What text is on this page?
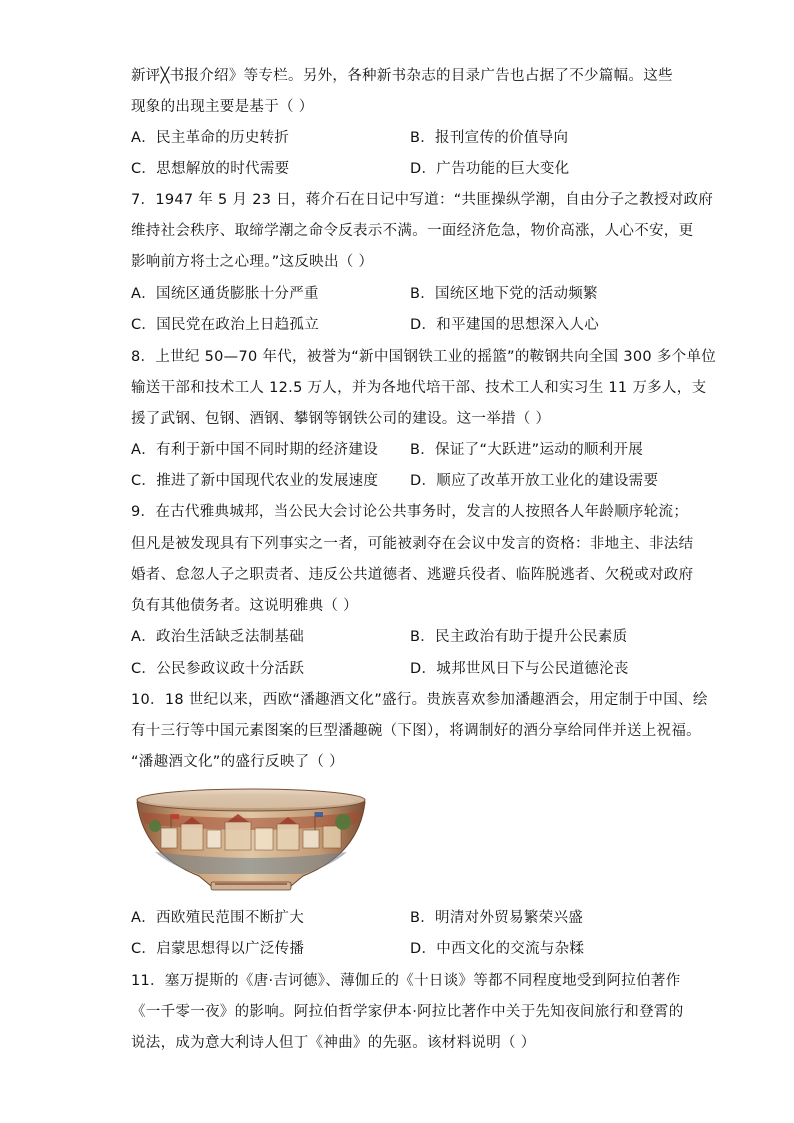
新评╳书报介绍》等专栏。另外，各种新书杂志的目录广告也占据了不少篇幅。这些
现象的出现主要是基于（ ）
A．民主革命的历史转折	B．报刊宣传的价值导向
C．思想解放的时代需要	D．广告功能的巨大变化
7．1947 年 5 月 23 日，蒋介石在日记中写道：“共匪操纵学潮，自由分子之教授对政府
维持社会秩序、取缔学潮之命令反表示不满。一面经济危急，物价高涨，人心不安，更
影响前方将士之心理。”这反映出（ ）
A．国统区通货膨胀十分严重	B．国统区地下党的活动频繁
C．国民党在政治上日趋孤立	D．和平建国的思想深入人心
8．上世纪 50—70 年代，被誉为“新中国钢铁工业的摇篮”的鞍钢共向全国 300 多个单位
输送干部和技术工人 12.5 万人，并为各地代培干部、技术工人和实习生 11 万多人，支
援了武钢、包钢、酒钢、攀钢等钢铁公司的建设。这一举措（ ）
A．有利于新中国不同时期的经济建设 B．保证了“大跃进”运动的顺利开展
C．推进了新中国现代农业的发展速度 D．顺应了改革开放工业化的建设需要
9．在古代雅典城邦，当公民大会讨论公共事务时，发言的人按照各人年龄顺序轮流；
但凡是被发现具有下列事实之一者，可能被剥夺在会议中发言的资格：非地主、非法结
婚者、怠忽人子之职责者、违反公共道德者、逃避兵役者、临阵脱逃者、欠税或对政府
负有其他债务者。这说明雅典（ ）
A．政治生活缺乏法制基础	B．民主政治有助于提升公民素质
C．公民参政议政十分活跃	D．城邦世风日下与公民道德沦丧
10．18 世纪以来，西欧“潘趣酒文化”盛行。贵族喜欢参加潘趣酒会，用定制于中国、绘
有十三行等中国元素图案的巨型潘趣碗（下图），将调制好的酒分享给同伴并送上祝福。
“潘趣酒文化”的盛行反映了（ ）
A．西欧殖民范围不断扩大	B．明清对外贸易繁荣兴盛
C．启蒙思想得以广泛传播	D．中西文化的交流与杂糅
11．塞万提斯的《唐·吉诃德》、薄伽丘的《十日谈》等都不同程度地受到阿拉伯著作
《一千零一夜》的影响。阿拉伯哲学家伊本·阿拉比著作中关于先知夜间旅行和登霄的
说法，成为意大利诗人但丁《神曲》的先驱。该材料说明（ ）
